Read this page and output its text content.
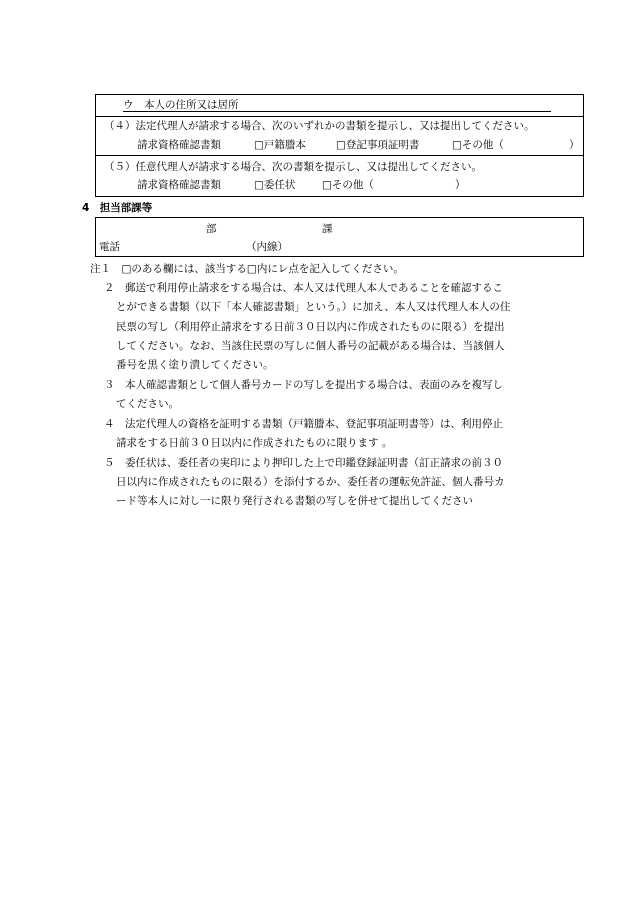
ウ　本人の住所又は居所
（４）法定代理人が請求する場合、次のいずれかの書類を提示し、又は提出してください。
請求資格確認書類	□戸籍謄本	□登記事項証明書	□その他（	）
（５）任意代理人が請求する場合、次の書類を提示し、又は提出してください。
請求資格確認書類	□委任状	□その他（	）
4　担当部課等
部	課
電話	（内線）
注１　□のある欄には、該当する□内にレ点を記入してください。
２　郵送で利用停止請求をする場合は、本人又は代理人本人であることを確認するこ
とができる書類（以下「本人確認書類」という。）に加え、本人又は代理人本人の住
民票の写し（利用停止請求をする日前３０日以内に作成されたものに限る）を提出
してください。なお、当該住民票の写しに個人番号の記載がある場合は、当該個人
番号を黒く塗り潰してください。
３　本人確認書類として個人番号カードの写しを提出する場合は、表面のみを複写し
てください。
４　法定代理人の資格を証明する書類（戸籍謄本、登記事項証明書等）は、利用停止
請求をする日前３０日以内に作成されたものに限ります 。
５　委任状は、委任者の実印により押印した上で印鑑登録証明書（訂正請求の前３０
日以内に作成されたものに限る）を添付するか、委任者の運転免許証、個人番号カ
ード等本人に対し一に限り発行される書類の写しを併せて提出してください
